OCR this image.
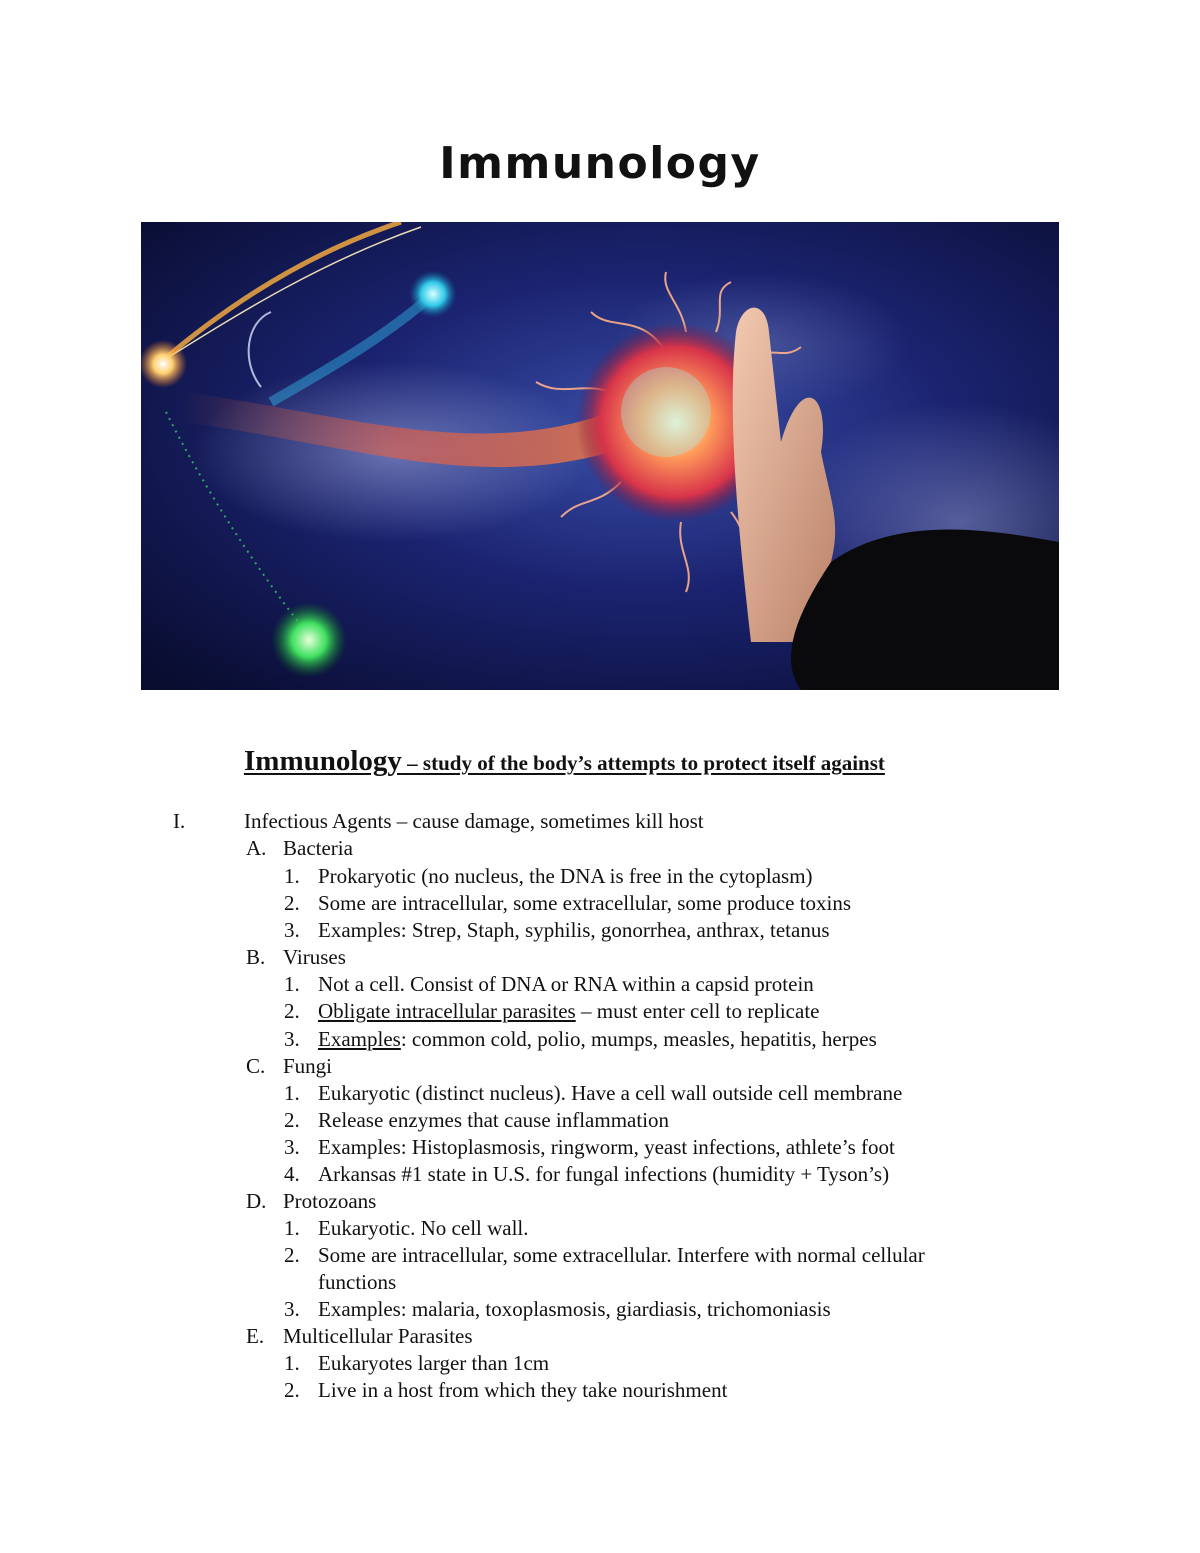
Immunology
Immunology – study of the body’s attempts to protect itself against
I.	Infectious Agents – cause damage, sometimes kill host
A. Bacteria
1. Prokaryotic (no nucleus, the DNA is free in the cytoplasm)
2. Some are intracellular, some extracellular, some produce toxins
3. Examples: Strep, Staph, syphilis, gonorrhea, anthrax, tetanus
B. Viruses
1. Not a cell. Consist of DNA or RNA within a capsid protein
2. Obligate intracellular parasites – must enter cell to replicate
3. Examples: common cold, polio, mumps, measles, hepatitis, herpes
C. Fungi
1. Eukaryotic (distinct nucleus). Have a cell wall outside cell membrane
2. Release enzymes that cause inflammation
3. Examples: Histoplasmosis, ringworm, yeast infections, athlete’s foot
4. Arkansas #1 state in U.S. for fungal infections (humidity + Tyson’s)
D. Protozoans
1. Eukaryotic. No cell wall.
2. Some are intracellular, some extracellular. Interfere with normal cellular
functions
3. Examples: malaria, toxoplasmosis, giardiasis, trichomoniasis
E. Multicellular Parasites
1. Eukaryotes larger than 1cm
2. Live in a host from which they take nourishment
